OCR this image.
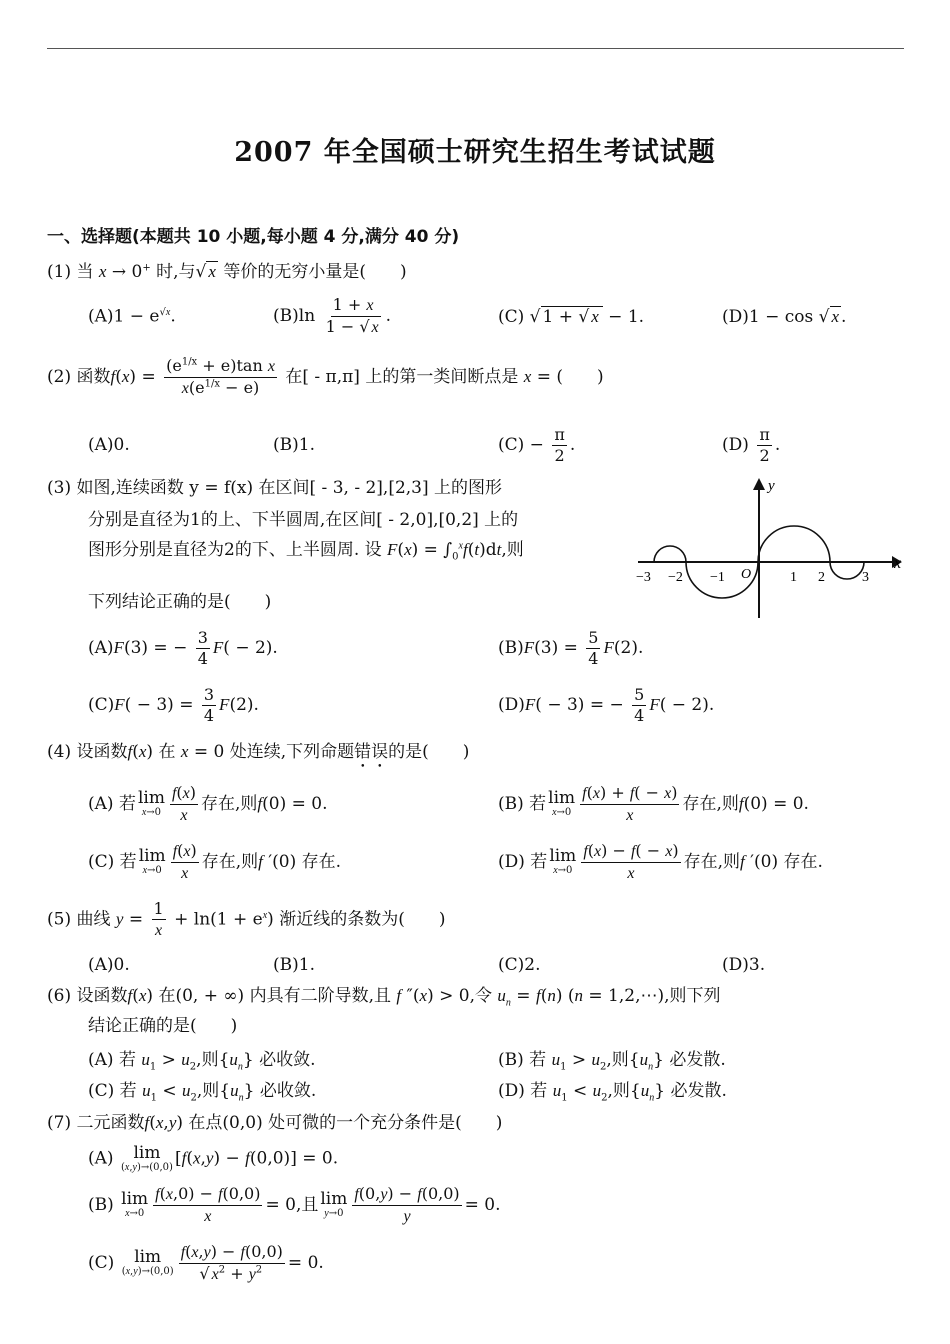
2007 年全国硕士研究生招生考试试题
一、选择题(本题共 10 小题,每小题 4 分,满分 40 分)
(1) 当 x → 0+ 时,与√ x 等价的无穷小量是(　　)
$(A)1 - e^{√x}$.	$(B)\ln \frac{1 + x}{1 - √ x}$ .	(C) √ 1 + √ x − 1.	(D)1 − cos √ x .
(2) 函数$f(x) = \frac{(e^{1/x} + e)\tan x}{x(e^{1/x} - e)}$ 在[ - π,π] 上的第一类间断点是 x = (　　)
(A)0.	(B)1.	$(C) - \frac{\pi}{2}$ .	$(D) \frac{\pi}{2}$ .
(3) 如图,连续函数 y = f(x) 在区间[ - 3, - 2],[2,3] 上的图形
分别是直径为1的上、下半圆周,在区间[ - 2,0],[0,2] 上的
图形分别是直径为2的下、上半圆周. 设 $F(x) = \int_0^xf(t)dt$,则
下列结论正确的是(　　)
y
x
O
−3 −2 −1	1 2	3
(A)F(3) = − $\frac{3}{4} F( - 2)$.	$(B)F(3) = \frac{5}{4} F(2)$.
$(C)F( - 3) = \frac{3}{4} F(2)$.	(D)F( − 3) = − $\frac{5}{4} F( - 2)$.
(4) 设函数f(x) 在 x = 0 处连续,下列命题错误的是(　　)
(A) 若 lim
$x\to 0 \frac{f(x)}{x}$ 存在,则f(0) = 0.	(B) 若 lim
$x\to 0 \frac{f(x) + f( - x)}{x}$ 存在,则f(0) = 0.
(C) 若 lim
$x\to 0 \frac{f(x)}{x}$ 存在,则f ′(0) 存在.	(D) 若 lim
$x\to 0 \frac{f(x) - f( - x)}{x}$ 存在,则f ′(0) 存在.
(5) 曲线 $y = \frac{1}{x} + \ln(1 + e^x)$ 渐近线的条数为(　　)
(A)0.	(B)1.	(C)2.	(D)3.
(6) 设函数f(x) 在(0, + ∞) 内具有二阶导数,且 f ″(x) > 0,令 $u_n = f(n) (n$ = 1,2,⋯),则下列
结论正确的是(　　)
(A) 若 $u_1 > u_2$,则$\{u_n\}$ 必收敛.	(B) 若 $u_1 > u_2$,则$\{u_n\}$ 必发散.
(C) 若 $u_1 < u_2$,则$\{u_n\}$ 必收敛.	(D) 若 $u_1 < u_2$,则$\{u_n\}$ 必发散.
(7) 二元函数f(x,y) 在点(0,0) 处可微的一个充分条件是(　　)
(A) lim
(x,y)→(0,0) [f(x,y) − f(0,0)] = 0.
(B) lim
$x\to 0 \frac{f(x,0) - f(0,0)}{x} = 0$,且 lim
$y\to 0 \frac{f(0,y) - f(0,0)}{y} = 0$.
(C) lim
$(x,y)\to(0,0) \frac{f(x,y) - f(0,0)}{√ x^2 + y^2} = 0$.
